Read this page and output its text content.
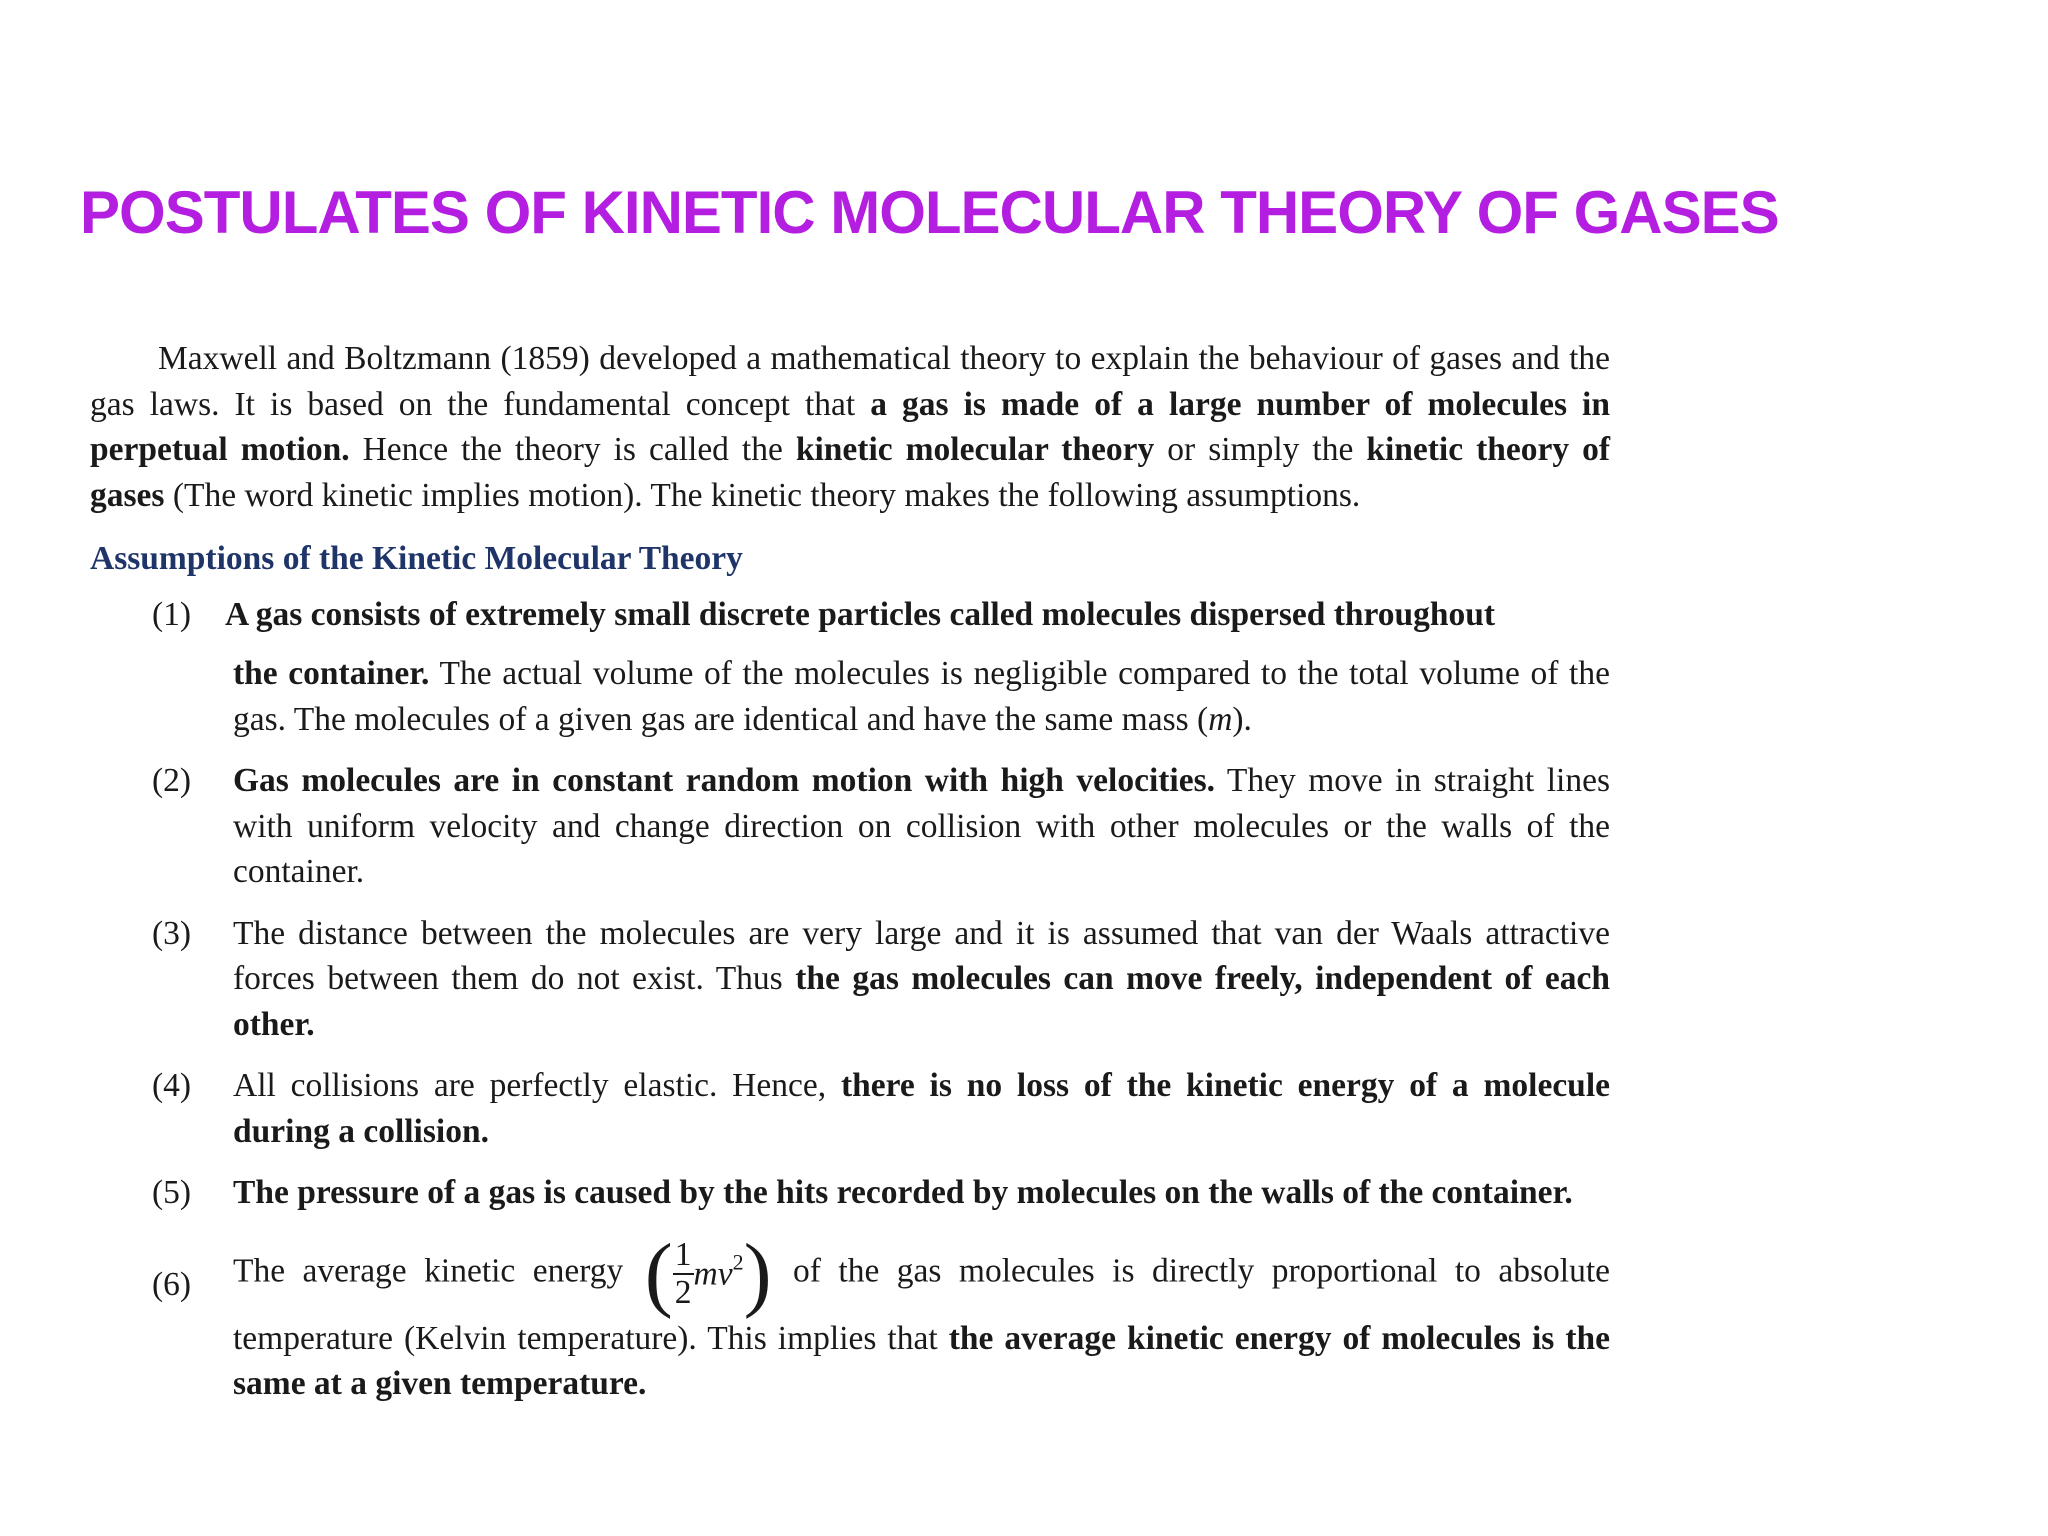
POSTULATES OF KINETIC MOLECULAR THEORY OF GASES

Maxwell and Boltzmann (1859) developed a mathematical theory to explain the behaviour of gases and the gas laws. It is based on the fundamental concept that a gas is made of a large number of molecules in perpetual motion. Hence the theory is called the kinetic molecular theory or simply the kinetic theory of gases (The word kinetic implies motion). The kinetic theory makes the following assumptions.

Assumptions of the Kinetic Molecular Theory
(1) A gas consists of extremely small discrete particles called molecules dispersed throughout
the container. The actual volume of the molecules is negligible compared to the total volume of the gas. The molecules of a given gas are identical and have the same mass (m).
(2) Gas molecules are in constant random motion with high velocities. They move in straight lines with uniform velocity and change direction on collision with other molecules or the walls of the container.
(3) The distance between the molecules are very large and it is assumed that van der Waals attractive forces between them do not exist. Thus the gas molecules can move freely, independent of each other.
(4) All collisions are perfectly elastic. Hence, there is no loss of the kinetic energy of a molecule during a collision.
(5) The pressure of a gas is caused by the hits recorded by molecules on the walls of the container.
(6) The average kinetic energy ( $\frac{1}{2} mv^2$) of the gas molecules is directly proportional to absolute temperature (Kelvin temperature). This implies that the average kinetic energy of molecules is the same at a given temperature.
